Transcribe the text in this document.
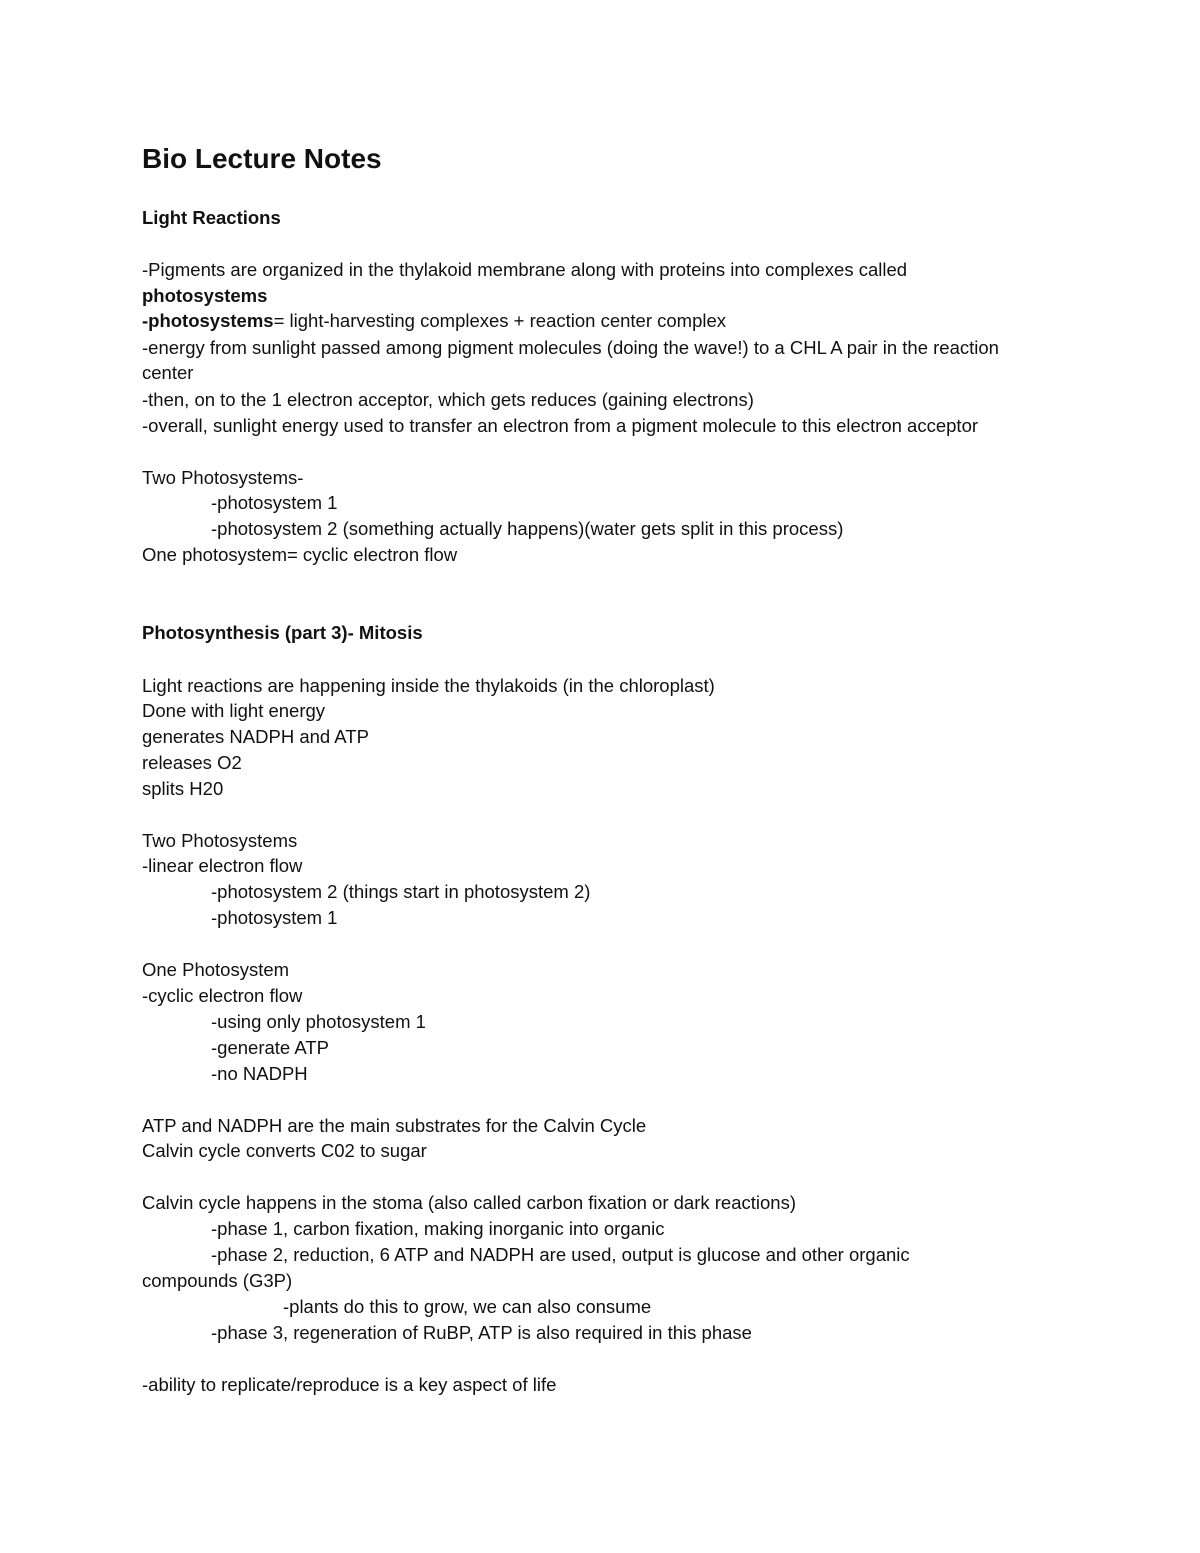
Bio Lecture Notes
Light Reactions
-Pigments are organized in the thylakoid membrane along with proteins into complexes called
photosystems
-photosystems= light-harvesting complexes + reaction center complex
-energy from sunlight passed among pigment molecules (doing the wave!) to a CHL A pair in the reaction
center
-then, on to the 1 electron acceptor, which gets reduces (gaining electrons)
-overall, sunlight energy used to transfer an electron from a pigment molecule to this electron acceptor
Two Photosystems-
-photosystem 1
-photosystem 2 (something actually happens)(water gets split in this process)
One photosystem= cyclic electron flow
Photosynthesis (part 3)- Mitosis
Light reactions are happening inside the thylakoids (in the chloroplast)
Done with light energy
generates NADPH and ATP
releases O2
splits H20
Two Photosystems
-linear electron flow
-photosystem 2 (things start in photosystem 2)
-photosystem 1
One Photosystem
-cyclic electron flow
-using only photosystem 1
-generate ATP
-no NADPH
ATP and NADPH are the main substrates for the Calvin Cycle
Calvin cycle converts C02 to sugar
Calvin cycle happens in the stoma (also called carbon fixation or dark reactions)
-phase 1, carbon fixation, making inorganic into organic
-phase 2, reduction, 6 ATP and NADPH are used, output is glucose and other organic
compounds (G3P)
-plants do this to grow, we can also consume
-phase 3, regeneration of RuBP, ATP is also required in this phase
-ability to replicate/reproduce is a key aspect of life
